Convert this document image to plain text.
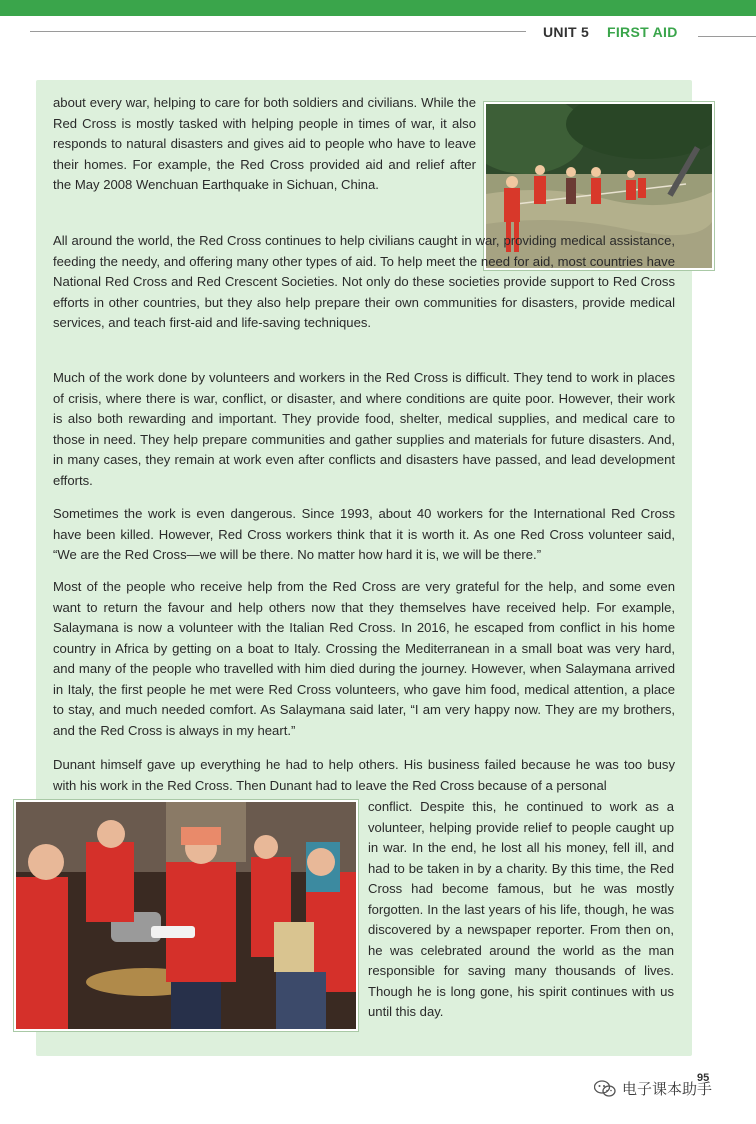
UNIT 5 FIRST AID

about every war, helping to care for both soldiers and civilians. While the Red Cross is mostly tasked with helping people in times of war, it also responds to natural disasters and gives aid to people who have to leave their homes. For example, the Red Cross provided aid and relief after the May 2008 Wenchuan Earthquake in Sichuan, China.

All around the world, the Red Cross continues to help civilians caught in war, providing medical assistance, feeding the needy, and offering many other types of aid. To help meet the need for aid, most countries have National Red Cross and Red Crescent Societies. Not only do these societies provide support to Red Cross efforts in other countries, but they also help prepare their own communities for disasters, provide medical services, and teach first-aid and life-saving techniques.

Much of the work done by volunteers and workers in the Red Cross is difficult. They tend to work in places of crisis, where there is war, conflict, or disaster, and where conditions are quite poor. However, their work is also both rewarding and important. They provide food, shelter, medical supplies, and medical care to those in need. They help prepare communities and gather supplies and materials for future disasters. And, in many cases, they remain at work even after conflicts and disasters have passed, and lead development efforts.

Sometimes the work is even dangerous. Since 1993, about 40 workers for the International Red Cross have been killed. However, Red Cross workers think that it is worth it. As one Red Cross volunteer said, “We are the Red Cross—we will be there. No matter how hard it is, we will be there.”

Most of the people who receive help from the Red Cross are very grateful for the help, and some even want to return the favour and help others now that they themselves have received help. For example, Salaymana is now a volunteer with the Italian Red Cross. In 2016, he escaped from conflict in his home country in Africa by getting on a boat to Italy. Crossing the Mediterranean in a small boat was very hard, and many of the people who travelled with him died during the journey. However, when Salaymana arrived in Italy, the first people he met were Red Cross volunteers, who gave him food, medical attention, a place to stay, and much needed comfort. As Salaymana said later, “I am very happy now. They are my brothers, and the Red Cross is always in my heart.”

Dunant himself gave up everything he had to help others. His business failed because he was too busy with his work in the Red Cross. Then Dunant had to leave the Red Cross because of a personal

conflict. Despite this, he continued to work as a volunteer, helping provide relief to people caught up in war. In the end, he lost all his money, fell ill, and had to be taken in by a charity. By this time, the Red Cross had become famous, but he was mostly forgotten. In the last years of his life, though, he was discovered by a newspaper reporter. From then on, he was celebrated around the world as the man responsible for saving many thousands of lives. Though he is long gone, his spirit continues with us until this day.

95
电子课本助手
